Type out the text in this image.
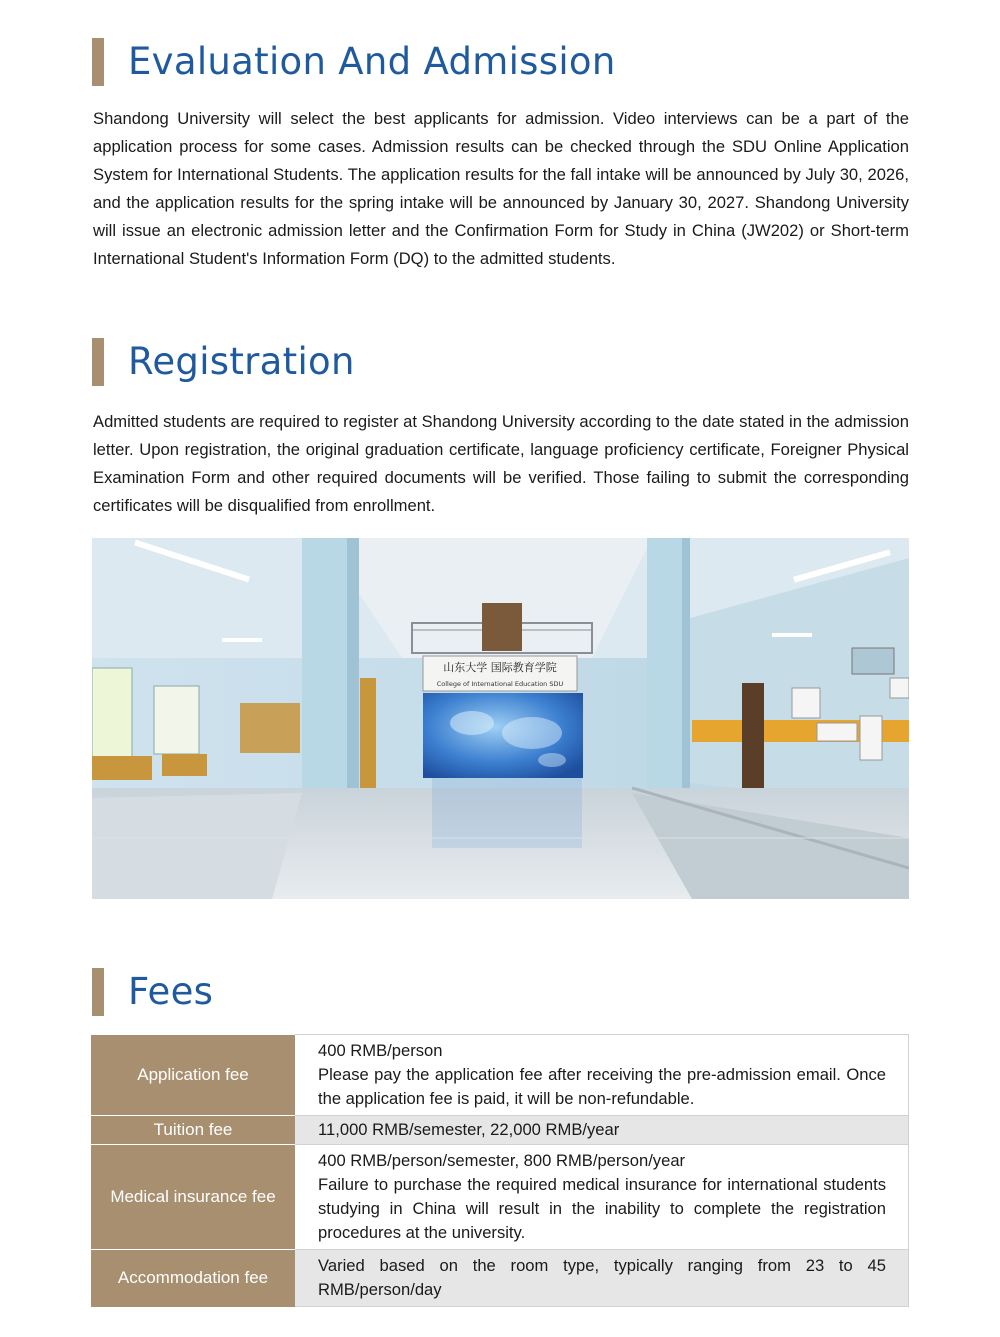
Evaluation And Admission

Shandong University will select the best applicants for admission. Video interviews can be a part of the application process for some cases. Admission results can be checked through the SDU Online Application System for International Students. The application results for the fall intake will be announced by July 30, 2026, and the application results for the spring intake will be announced by January 30, 2027. Shandong University will issue an electronic admission letter and the Confirmation Form for Study in China (JW202) or Short-term International Student's Information Form (DQ) to the admitted students.

Registration

Admitted students are required to register at Shandong University according to the date stated in the admission letter. Upon registration, the original graduation certificate, language proficiency certificate, Foreigner Physical Examination Form and other required documents will be verified. Those failing to submit the corresponding certificates will be disqualified from enrollment.

山东大学 国际教育学院
College of International Education SDU
Fees
Application fee	400 RMB/person
Please pay the application fee after receiving the pre-admission email. Once the application fee is paid, it will be non-refundable.

Tuition fee	11,000 RMB/semester, 22,000 RMB/year

Medical insurance fee	400 RMB/person/semester, 800 RMB/person/year
Failure to purchase the required medical insurance for international students studying in China will result in the inability to complete the registration procedures at the university.

Accommodation fee	Varied based on the room type, typically ranging from 23 to 45 RMB/person/day
